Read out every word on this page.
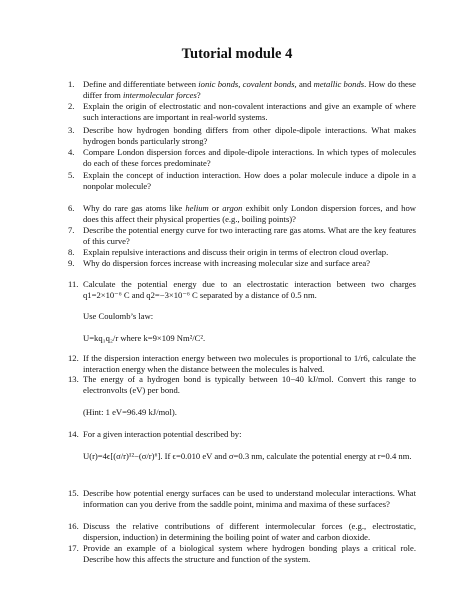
Tutorial module 4
1. Define and differentiate between ionic bonds, covalent bonds, and metallic bonds. How do these differ from intermolecular forces?
2. Explain the origin of electrostatic and non-covalent interactions and give an example of where such interactions are important in real-world systems.
3. Describe how hydrogen bonding differs from other dipole-dipole interactions. What makes hydrogen bonds particularly strong?
4. Compare London dispersion forces and dipole-dipole interactions. In which types of molecules do each of these forces predominate?
5. Explain the concept of induction interaction. How does a polar molecule induce a dipole in a nonpolar molecule?
6. Why do rare gas atoms like helium or argon exhibit only London dispersion forces, and how does this affect their physical properties (e.g., boiling points)?
7. Describe the potential energy curve for two interacting rare gas atoms. What are the key features of this curve?
8. Explain repulsive interactions and discuss their origin in terms of electron cloud overlap.
9. Why do dispersion forces increase with increasing molecular size and surface area?
11. Calculate the potential energy due to an electrostatic interaction between two charges q1=2×10⁻⁶ C and q2=−3×10⁻⁶ C separated by a distance of 0.5 nm.
Use Coulomb’s law:
U=kq₁q₂/r where k=9×109 Nm²/C².
12. If the dispersion interaction energy between two molecules is proportional to 1/r6, calculate the interaction energy when the distance between the molecules is halved.
13. The energy of a hydrogen bond is typically between 10−40 kJ/mol. Convert this range to electronvolts (eV) per bond.
(Hint: 1 eV=96.49 kJ/mol).
14. For a given interaction potential described by:
U(r)=4ϵ[(σ/r)¹²−(σ/r)⁶]. If ϵ=0.010 eV and σ=0.3 nm, calculate the potential energy at r=0.4 nm.
15. Describe how potential energy surfaces can be used to understand molecular interactions. What information can you derive from the saddle point, minima and maxima of these surfaces?
16. Discuss the relative contributions of different intermolecular forces (e.g., electrostatic, dispersion, induction) in determining the boiling point of water and carbon dioxide.
17. Provide an example of a biological system where hydrogen bonding plays a critical role. Describe how this affects the structure and function of the system.
